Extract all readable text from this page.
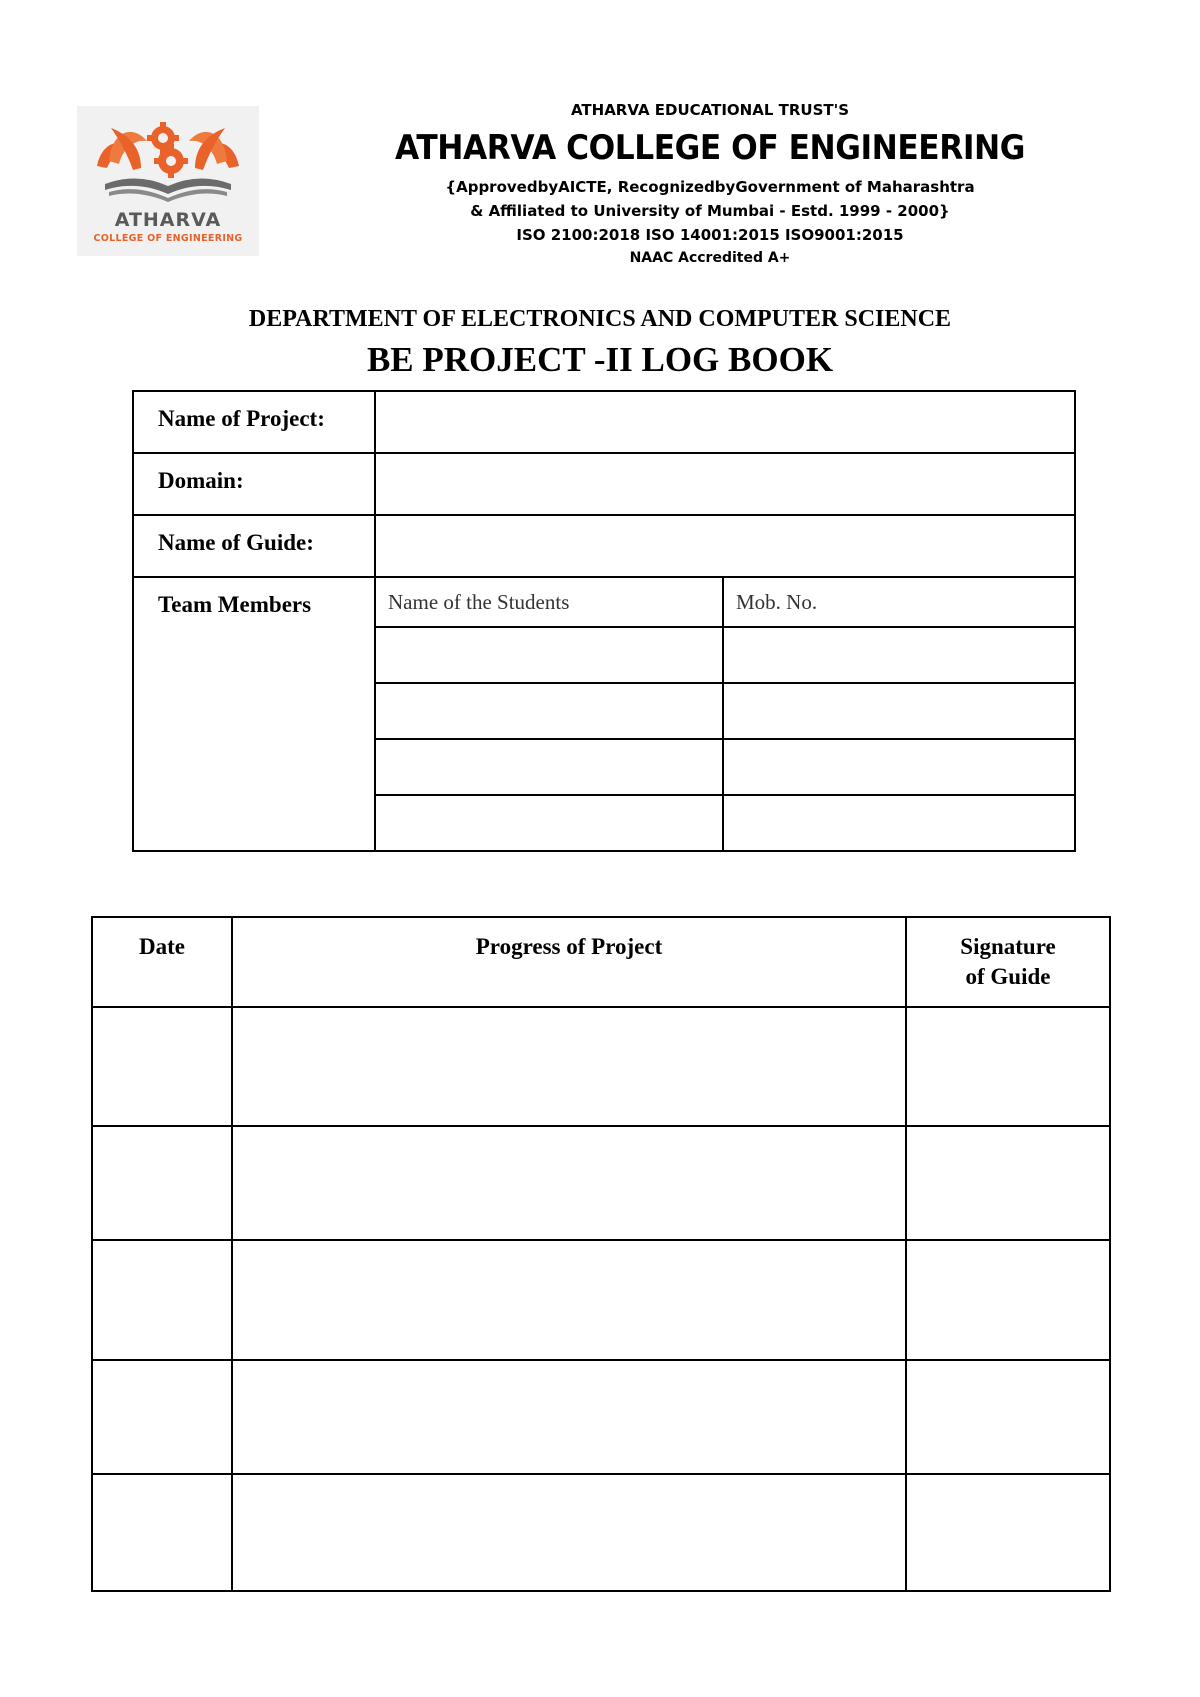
ATHARVA
COLLEGE OF ENGINEERING
ATHARVA EDUCATIONAL TRUST'S
ATHARVA COLLEGE OF ENGINEERING
{ApprovedbyAICTE, RecognizedbyGovernment of Maharashtra
& Affiliated to University of Mumbai - Estd. 1999 - 2000}
ISO 2100:2018 ISO 14001:2015 ISO9001:2015
NAAC Accredited A+
DEPARTMENT OF ELECTRONICS AND COMPUTER SCIENCE
BE PROJECT -II LOG BOOK
Name of Project:		
Domain:		
Name of Guide:		
Team Members	Name of the Students	Mob. No.

Date	Progress of Project	Signature
of Guide
